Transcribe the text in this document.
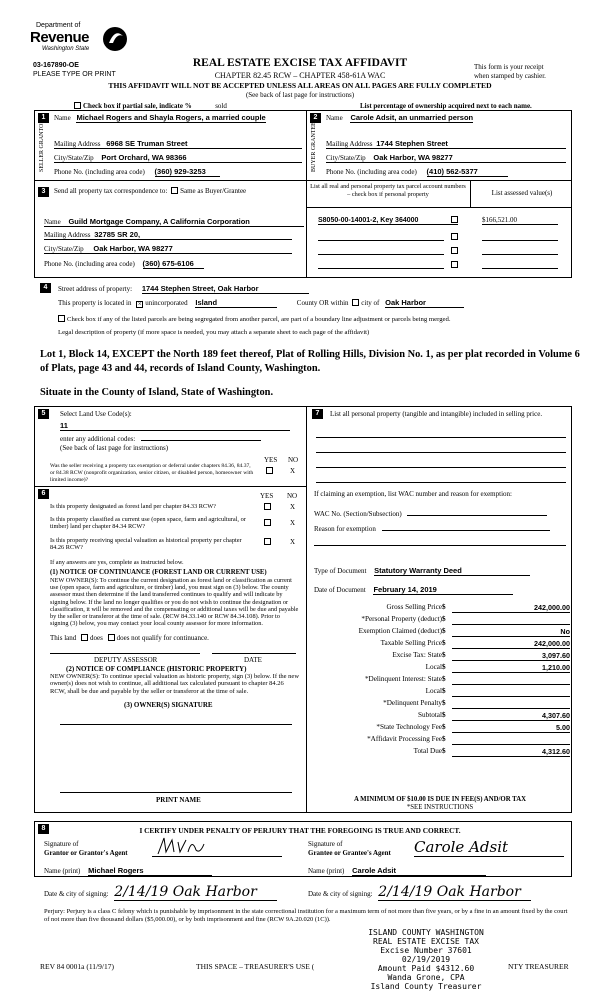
Department of
Revenue
Washington State
03-167890-OE
PLEASE TYPE OR PRINT
REAL ESTATE EXCISE TAX AFFIDAVIT
CHAPTER 82.45 RCW – CHAPTER 458-61A WAC
This form is your receipt
when stamped by cashier.
THIS AFFIDAVIT WILL NOT BE ACCEPTED UNLESS ALL AREAS ON ALL PAGES ARE FULLY COMPLETED
(See back of last page for instructions)
Check box if partial sale, indicate %	sold	List percentage of ownership acquired next to each name.
1
SELLER GRANTOR
Name Michael Rogers and Shayla Rogers, a married couple
Mailing Address 6968 SE Truman Street
City/State/Zip Port Orchard, WA 98366
Phone No. (including area code) (360) 929-3253
2
BUYER GRANTEE
Name Carole Adsit, an unmarried person
Mailing Address 1744 Stephen Street
City/State/Zip Oak Harbor, WA 98277
Phone No. (including area code) (410) 562-5377
3	Send all property tax correspondence to: Same as Buyer/Grantee
Name Guild Mortgage Company, A California Corporation
Mailing Address 32785 SR 20,
City/State/Zip Oak Harbor, WA 98277
Phone No. (including area code) (360) 675-6106
List all real and personal property tax parcel account numbers – check box if personal property	List assessed value(s)
S8050-00-14001-2, Key 364000	$166,521.00
4	Street address of property: 1744 Stephen Street, Oak Harbor
This property is located in × unincorporated Island	County OR within city of Oak Harbor
Check box if any of the listed parcels are being segregated from another parcel, are part of a boundary line adjustment or parcels being merged.
Legal description of property (if more space is needed, you may attach a separate sheet to each page of the affidavit)
Lot 1, Block 14, EXCEPT the North 189 feet thereof, Plat of Rolling Hills, Division No. 1, as per plat recorded in Volume 6 of Plats, page 43 and 44, records of Island County, Washington.
Situate in the County of Island, State of Washington.
5	Select Land Use Code(s):
11
enter any additional codes:
(See back of last page for instructions)
YES NO
Was the seller receiving a property tax exemption or deferral under chapters 84.36, 84.37, or 84.38 RCW (nonprofit organization, senior citizen, or disabled person, homeowner with limited income)?
X
6	YES NO
Is this property designated as forest land per chapter 84.33 RCW?	X
Is this property classified as current use (open space, farm and agricultural, or timber) land per chapter 84.34 RCW?	X
Is this property receiving special valuation as historical property per chapter 84.26 RCW?
X
If any answers are yes, complete as instructed below.
(1) NOTICE OF CONTINUANCE (FOREST LAND OR CURRENT USE)
NEW OWNER(S): To continue the current designation as forest land or classification as current use (open space, farm and agriculture, or timber) land, you must sign on (3) below. The county assessor must then determine if the land transferred continues to qualify and will indicate by signing below. If the land no longer qualifies or you do not wish to continue the designation or classification, it will be removed and the compensating or additional taxes will be due and payable by the seller or transferor at the time of sale. (RCW 84.33.140 or RCW 84.34.108). Prior to signing (3) below, you may contact your local county assessor for more information.
This land does does not qualify for continuance.
DEPUTY ASSESSOR	DATE
(2) NOTICE OF COMPLIANCE (HISTORIC PROPERTY)
NEW OWNER(S): To continue special valuation as historic property, sign (3) below. If the new owner(s) does not wish to continue, all additional tax calculated pursuant to chapter 84.26 RCW, shall be due and payable by the seller or transferor at the time of sale.
(3) OWNER(S) SIGNATURE
PRINT NAME
7	List all personal property (tangible and intangible) included in selling price.
If claiming an exemption, list WAC number and reason for exemption:
WAC No. (Section/Subsection)
Reason for exemption
Type of Document Statutory Warranty Deed
Date of Document February 14, 2019
Gross Selling Price $	242,000.00
*Personal Property (deduct) $
Exemption Claimed (deduct) $	No
Taxable Selling Price $	242,000.00
Excise Tax: State $	3,097.60
Local $	1,210.00
*Delinquent Interest: State $
Local $
*Delinquent Penalty $
Subtotal $	4,307.60
*State Technology Fee $	5.00
*Affidavit Processing Fee $
Total Due $	4,312.60
A MINIMUM OF $10.00 IS DUE IN FEE(S) AND/OR TAX
*SEE INSTRUCTIONS
8	I CERTIFY UNDER PENALTY OF PERJURY THAT THE FOREGOING IS TRUE AND CORRECT.
Signature of
Grantor or Grantor's Agent
Signature of
Grantee or Grantee's Agent Carole Adsit
Name (print) Michael Rogers	Name (print) Carole Adsit
Date & city of signing: 2/14/19 Oak Harbor	Date & city of signing: 2/14/19 Oak Harbor
Perjury: Perjury is a class C felony which is punishable by imprisonment in the state correctional institution for a maximum term of not more than five years, or by a fine in an amount fixed by the court of not more than five thousand dollars ($5,000.00), or by both imprisonment and fine (RCW 9A.20.020 (1C)).
ISLAND COUNTY WASHINGTON
REAL ESTATE EXCISE TAX
Excise Number 37601
02/19/2019
Amount Paid $4312.60
Wanda Grone, CPA
Island County Treasurer
REV 84 0001a (11/9/17)	THIS SPACE – TREASURER'S USE (	NTY TREASURER
